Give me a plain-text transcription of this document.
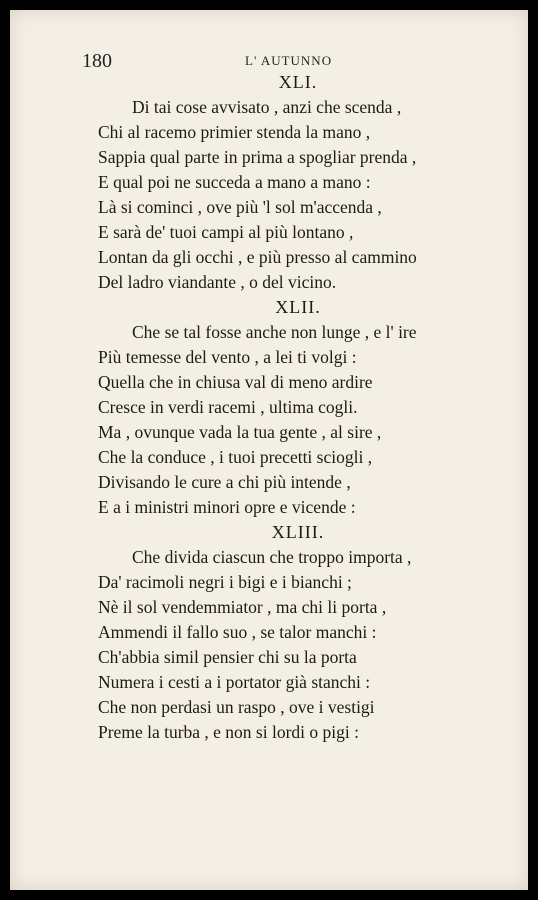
180	L' AUTUNNO
XLI.
Di tai cose avvisato , anzi che scenda ,
Chi al racemo primier stenda la mano ,
Sappia qual parte in prima a spogliar prenda ,
E qual poi ne succeda a mano a mano :
Là si cominci , ove più 'l sol m'accenda ,
E sarà de' tuoi campi al più lontano ,
Lontan da gli occhi , e più presso al cammino
Del ladro viandante , o del vicino.
XLII.
Che se tal fosse anche non lunge , e l' ire
Più temesse del vento , a lei ti volgi :
Quella che in chiusa val di meno ardire
Cresce in verdi racemi , ultima cogli.
Ma , ovunque vada la tua gente , al sire ,
Che la conduce , i tuoi precetti sciogli ,
Divisando le cure a chi più intende ,
E a i ministri minori opre e vicende :
XLIII.
Che divida ciascun che troppo importa ,
Da' racimoli negri i bigi e i bianchi ;
Nè il sol vendemmiator , ma chi li porta ,
Ammendi il fallo suo , se talor manchi :
Ch'abbia simil pensier chi su la porta
Numera i cesti a i portator già stanchi :
Che non perdasi un raspo , ove i vestigi
Preme la turba , e non si lordi o pigi :
